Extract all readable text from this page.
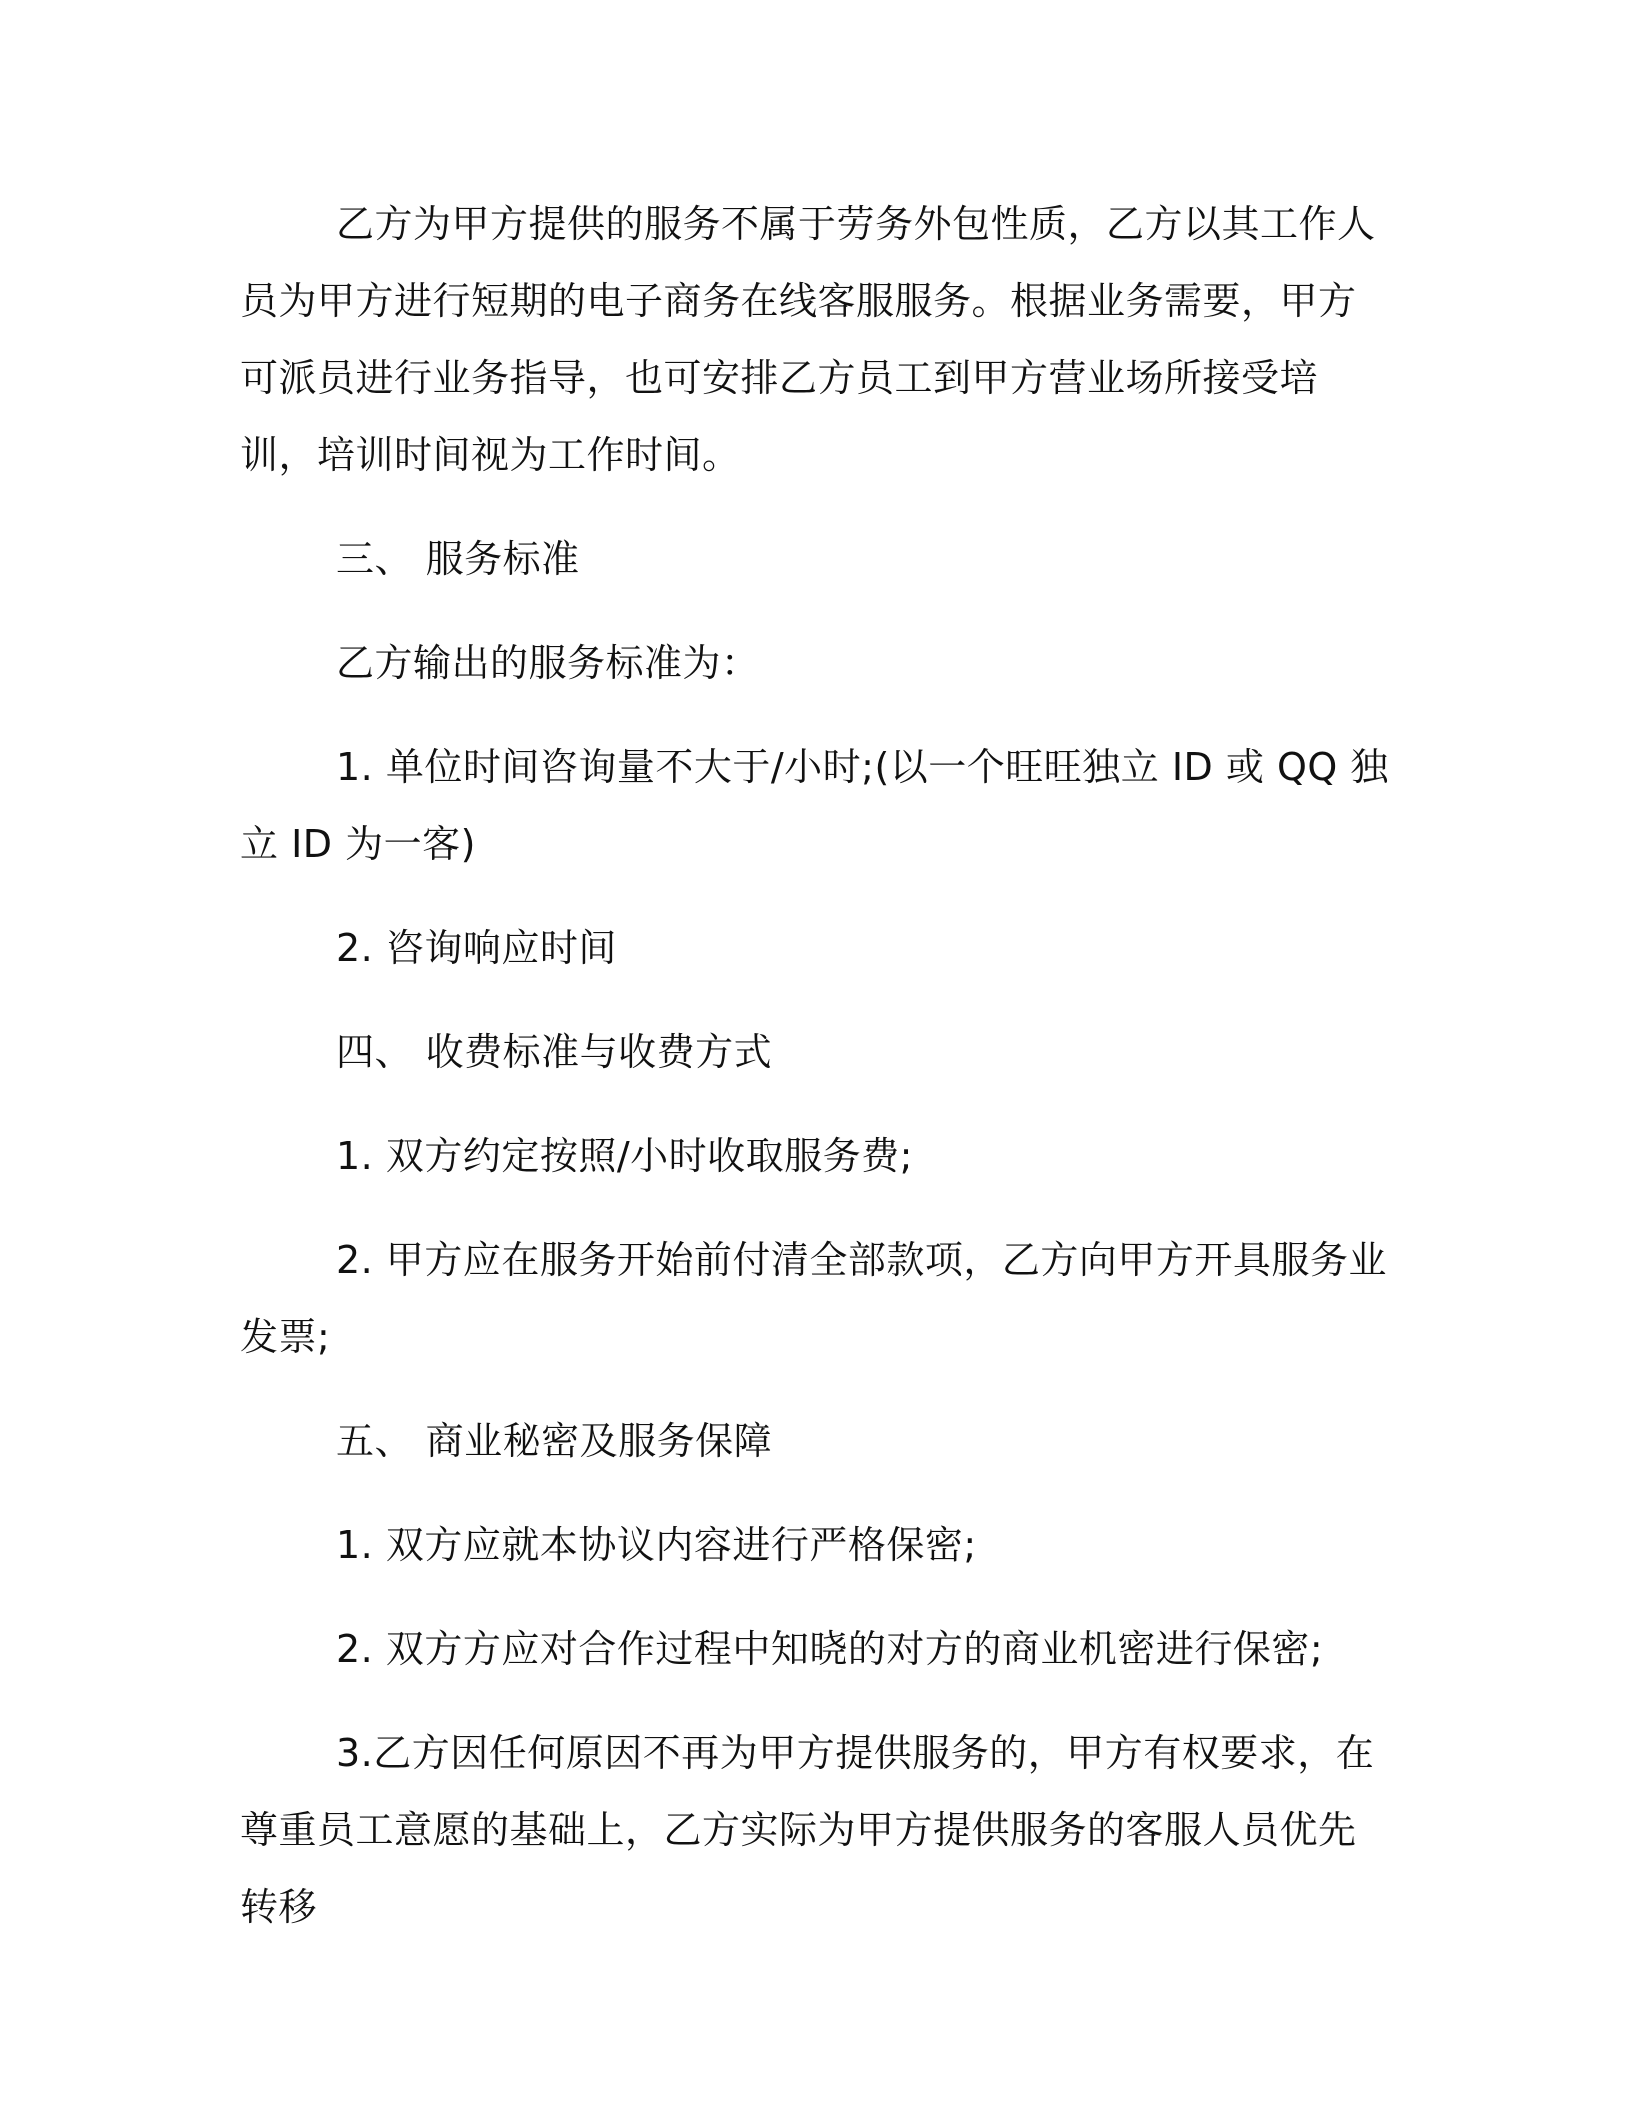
乙方为甲方提供的服务不属于劳务外包性质，乙方以其工作人员为甲方进行短期的电子商务在线客服服务。根据业务需要，甲方可派员进行业务指导，也可安排乙方员工到甲方营业场所接受培训，培训时间视为工作时间。

三、 服务标准

乙方输出的服务标准为：

1. 单位时间咨询量不大于/小时;(以一个旺旺独立 ID 或 QQ 独立 ID 为一客)

2. 咨询响应时间

四、 收费标准与收费方式

1. 双方约定按照/小时收取服务费;

2. 甲方应在服务开始前付清全部款项，乙方向甲方开具服务业发票;

五、 商业秘密及服务保障

1. 双方应就本协议内容进行严格保密;

2. 双方方应对合作过程中知晓的对方的商业机密进行保密;

3.乙方因任何原因不再为甲方提供服务的，甲方有权要求，在尊重员工意愿的基础上，乙方实际为甲方提供服务的客服人员优先转移
